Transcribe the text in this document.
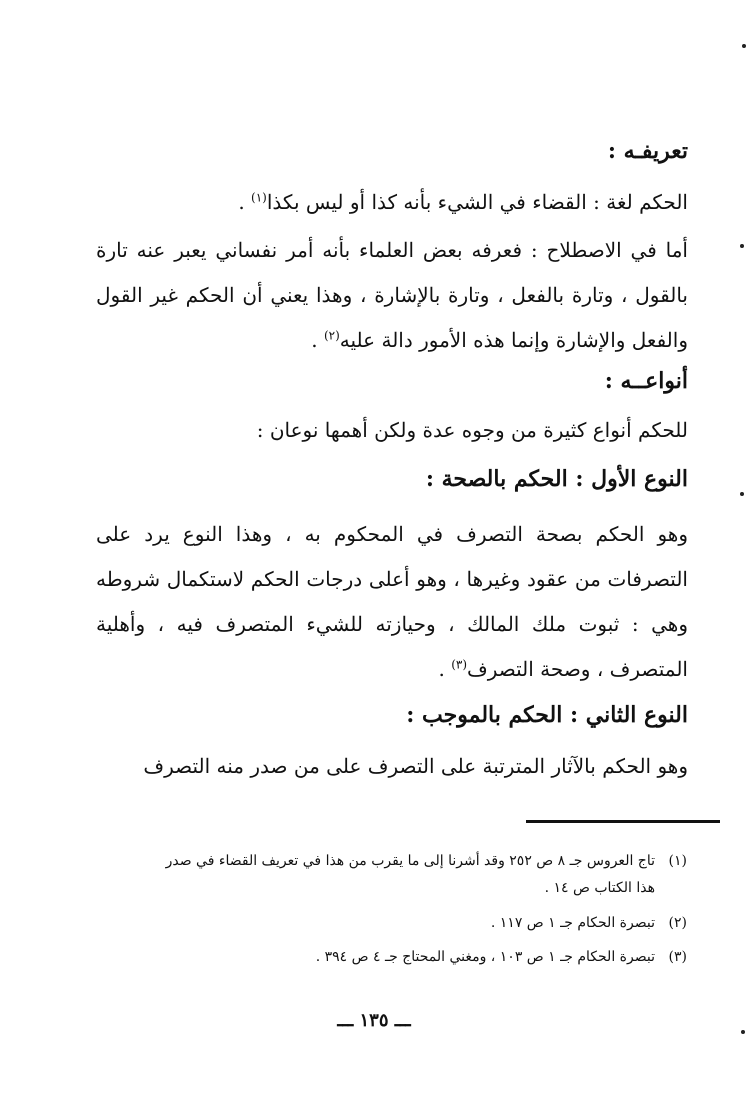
تعريفـه :

الحكم لغة : القضاء في الشيء بأنه كذا أو ليس بكذا$^{(١)}$ .

أما في الاصطلاح : فعرفه بعض العلماء بأنه أمر نفساني يعبر عنه تارة بالقول ، وتارة بالفعل ، وتارة بالإشارة ، وهذا يعني أن الحكم غير القول والفعل والإشارة وإنما هذه الأمور دالة عليه$^{(٢)}$ .

أنواعــه :

للحكم أنواع كثيرة من وجوه عدة ولكن أهمها نوعان :

النوع الأول : الحكم بالصحة :

وهو الحكم بصحة التصرف في المحكوم به ، وهذا النوع يرد على التصرفات من عقود وغيرها ، وهو أعلى درجات الحكم لاستكمال شروطه وهي : ثبوت ملك المالك ، وحيازته للشيء المتصرف فيه ، وأهلية المتصرف ، وصحة التصرف$^{(٣)}$ .

النوع الثاني : الحكم بالموجب :

وهو الحكم بالآثار المترتبة على التصرف على من صدر منه التصرف

(١)تاج العروس جـ ٨ ص ٢٥٢ وقد أشرنا إلى ما يقرب من هذا في تعريف القضاء في صدر
هذا الكتاب ص ١٤ .

(٢)تبصرة الحكام جـ ١ ص ١١٧ .

(٣)تبصرة الحكام جـ ١ ص ١٠٣ ، ومغني المحتاج جـ ٤ ص ٣٩٤ .

ـــ ١٣٥ ـــ
